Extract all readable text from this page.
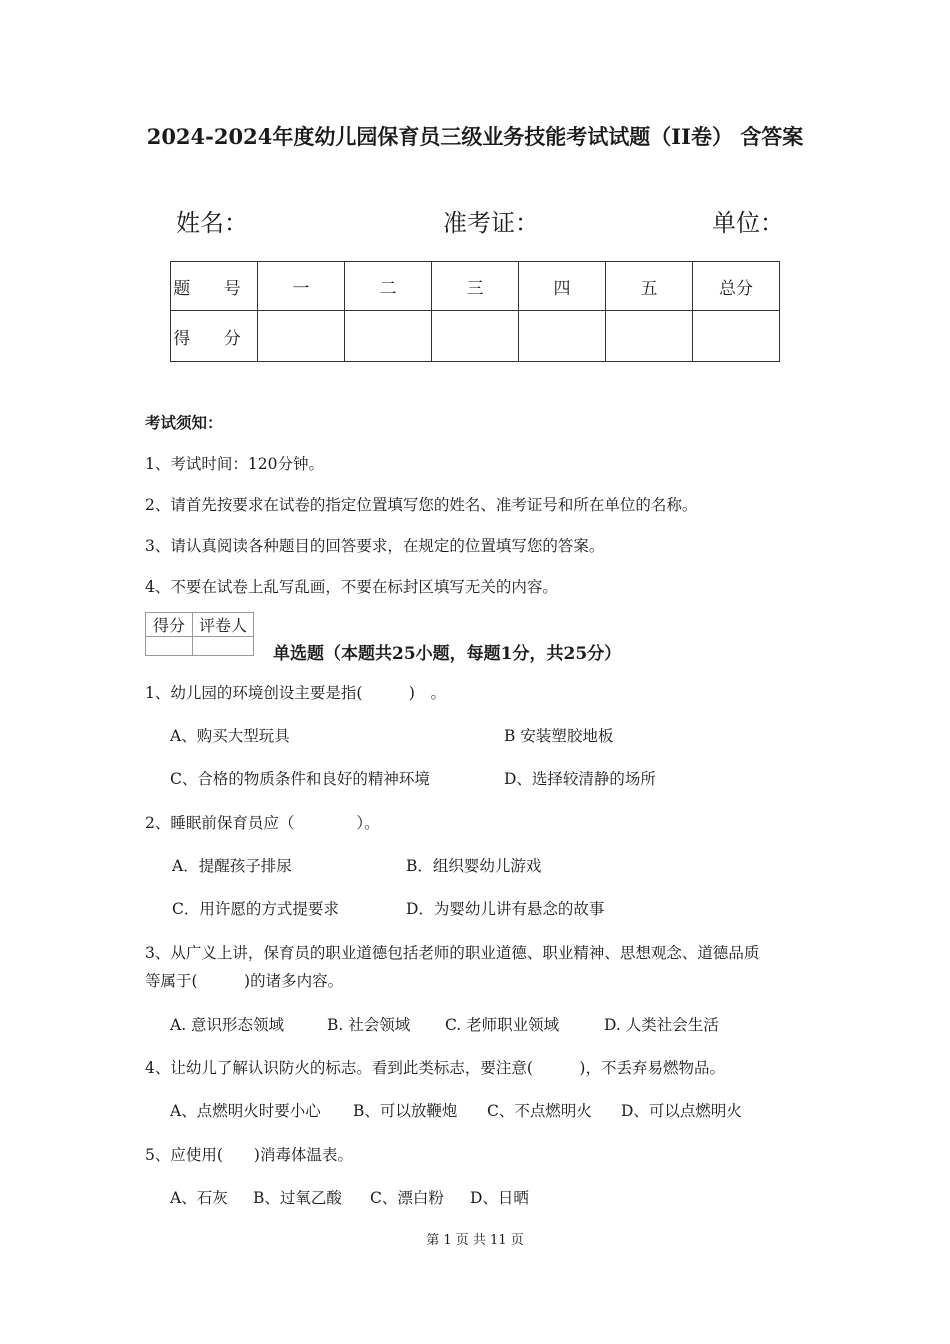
2024-2024年度幼儿园保育员三级业务技能考试试题（II卷） 含答案
姓名：	准考证：	单位：
题 号	一	二	三	四	五	总分
得 分						
考试须知：
1、考试时间：120分钟。
2、请首先按要求在试卷的指定位置填写您的姓名、准考证号和所在单位的名称。
3、请认真阅读各种题目的回答要求，在规定的位置填写您的答案。
4、不要在试卷上乱写乱画，不要在标封区填写无关的内容。
得分	评卷人

单选题（本题共25小题，每题1分，共25分）
1、幼儿园的环境创设主要是指(　　　)　。
A、购买大型玩具	B 安装塑胶地板
C、合格的物质条件和良好的精神环境	D、选择较清静的场所
2、睡眠前保育员应（　　　　）。
A．提醒孩子排尿	B．组织婴幼儿游戏
C．用许愿的方式提要求	D．为婴幼儿讲有悬念的故事
3、从广义上讲，保育员的职业道德包括老师的职业道德、职业精神、思想观念、道德品质
等属于(　　　)的诸多内容。
A. 意识形态领域	B. 社会领域 C. 老师职业领域	D. 人类社会生活
4、让幼儿了解认识防火的标志。看到此类标志，要注意(　　　)，不丢弃易燃物品。
A、点燃明火时要小心 B、可以放鞭炮 C、不点燃明火 D、可以点燃明火
5、应使用(　　)消毒体温表。
A、石灰 B、过氧乙酸 C、漂白粉 D、日晒
第 1 页 共 11 页
